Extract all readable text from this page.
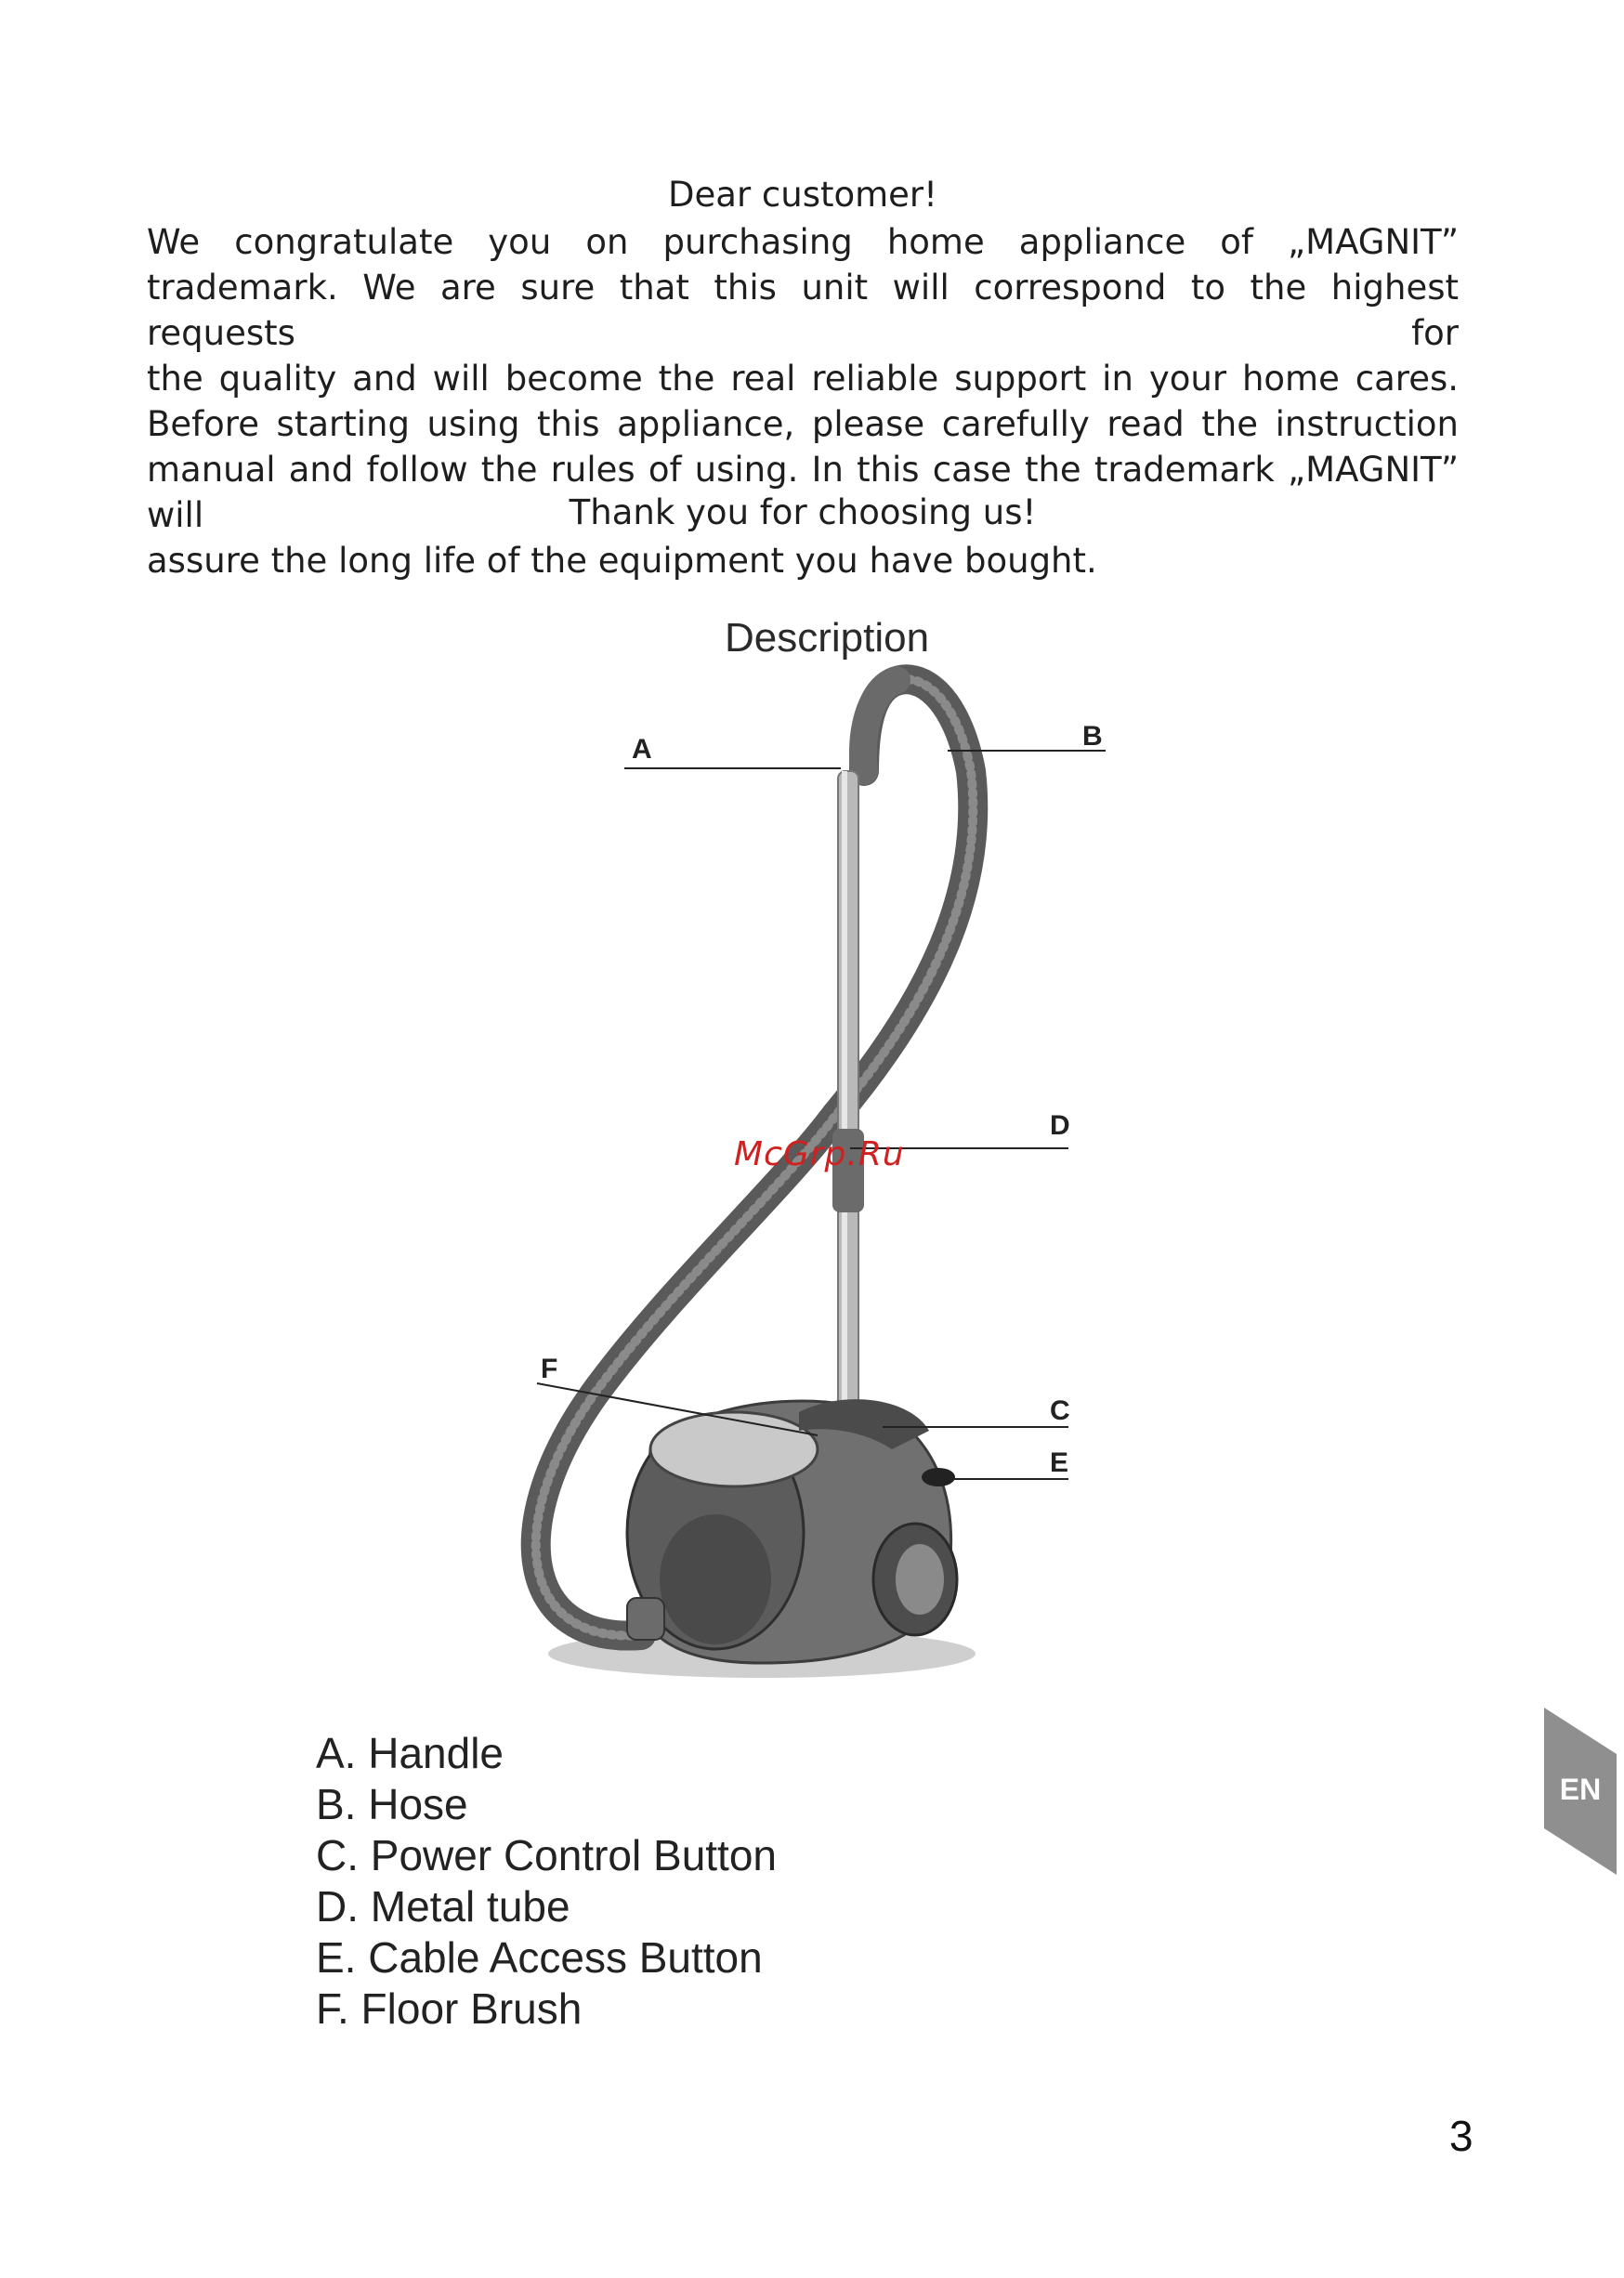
Dear customer!

We congratulate you on purchasing home appliance of „MAGNIT”

trademark. We are sure that this unit will correspond to the highest requests for

the quality and will become the real reliable support in your home cares.

Before starting using this appliance, please carefully read the instruction

manual and follow the rules of using. In this case the trademark „MAGNIT” will

assure the long life of the equipment you have bought.

Thank you for choosing us!
Description
A	B
D
F
C
E
McGrp.Ru
A. Handle
B. Hose
C. Power Control Button
D. Metal tube
E. Cable Access Button
F. Floor Brush
EN
3
